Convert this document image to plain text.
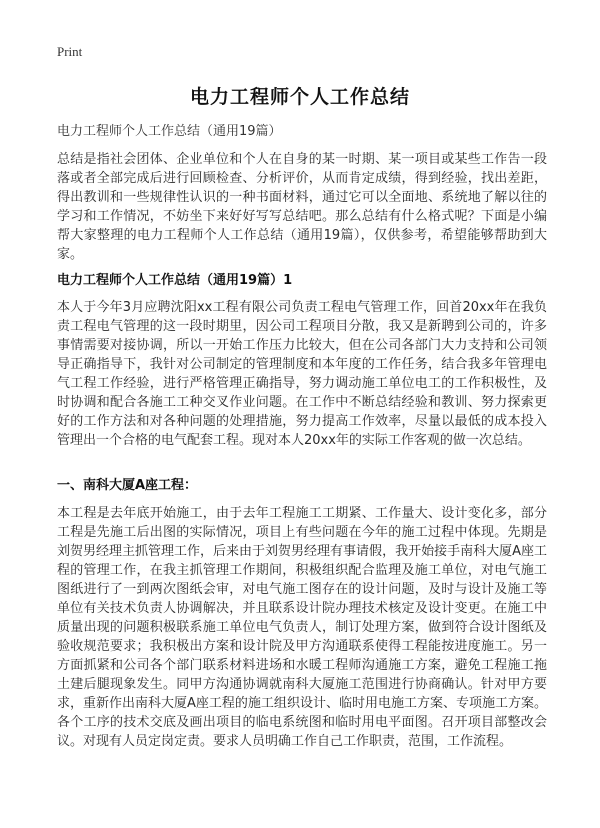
Print
电力工程师个人工作总结
电力工程师个人工作总结（通用19篇）

总结是指社会团体、企业单位和个人在自身的某一时期、某一项目或某些工作告一段落或者全部完成后进行回顾检查、分析评价，从而肯定成绩，得到经验，找出差距，得出教训和一些规律性认识的一种书面材料，通过它可以全面地、系统地了解以往的学习和工作情况，不妨坐下来好好写写总结吧。那么总结有什么格式呢？下面是小编帮大家整理的电力工程师个人工作总结（通用19篇），仅供参考，希望能够帮助到大家。

电力工程师个人工作总结（通用19篇）1

本人于今年3月应聘沈阳xx工程有限公司负责工程电气管理工作，回首20xx年在我负责工程电气管理的这一段时期里，因公司工程项目分散，我又是新聘到公司的，许多事情需要对接协调，所以一开始工作压力比较大，但在公司各部门大力支持和公司领导正确指导下，我针对公司制定的管理制度和本年度的工作任务，结合我多年管理电气工程工作经验，进行严格管理正确指导，努力调动施工单位电工的工作积极性，及时协调和配合各施工工种交叉作业问题。在工作中不断总结经验和教训、努力探索更好的工作方法和对各种问题的处理措施，努力提高工作效率，尽量以最低的成本投入管理出一个合格的电气配套工程。现对本人20xx年的实际工作客观的做一次总结。

一、南科大厦A座工程：

本工程是去年底开始施工，由于去年工程施工工期紧、工作量大、设计变化多，部分工程是先施工后出图的实际情况，项目上有些问题在今年的施工过程中体现。先期是刘贺男经理主抓管理工作，后来由于刘贺男经理有事请假，我开始接手南科大厦A座工程的管理工作，在我主抓管理工作期间，积极组织配合监理及施工单位，对电气施工图纸进行了一到两次图纸会审，对电气施工图存在的设计问题，及时与设计及施工等单位有关技术负责人协调解决，并且联系设计院办理技术核定及设计变更。在施工中质量出现的问题积极联系施工单位电气负责人，制订处理方案，做到符合设计图纸及验收规范要求；我积极出方案和设计院及甲方沟通联系使得工程能按进度施工。另一方面抓紧和公司各个部门联系材料进场和水暖工程师沟通施工方案，避免工程施工拖土建后腿现象发生。同甲方沟通协调就南科大厦施工范围进行协商确认。针对甲方要求，重新作出南科大厦A座工程的施工组织设计、临时用电施工方案、专项施工方案。各个工序的技术交底及画出项目的临电系统图和临时用电平面图。召开项目部整改会议。对现有人员定岗定责。要求人员明确工作自己工作职责，范围，工作流程。
